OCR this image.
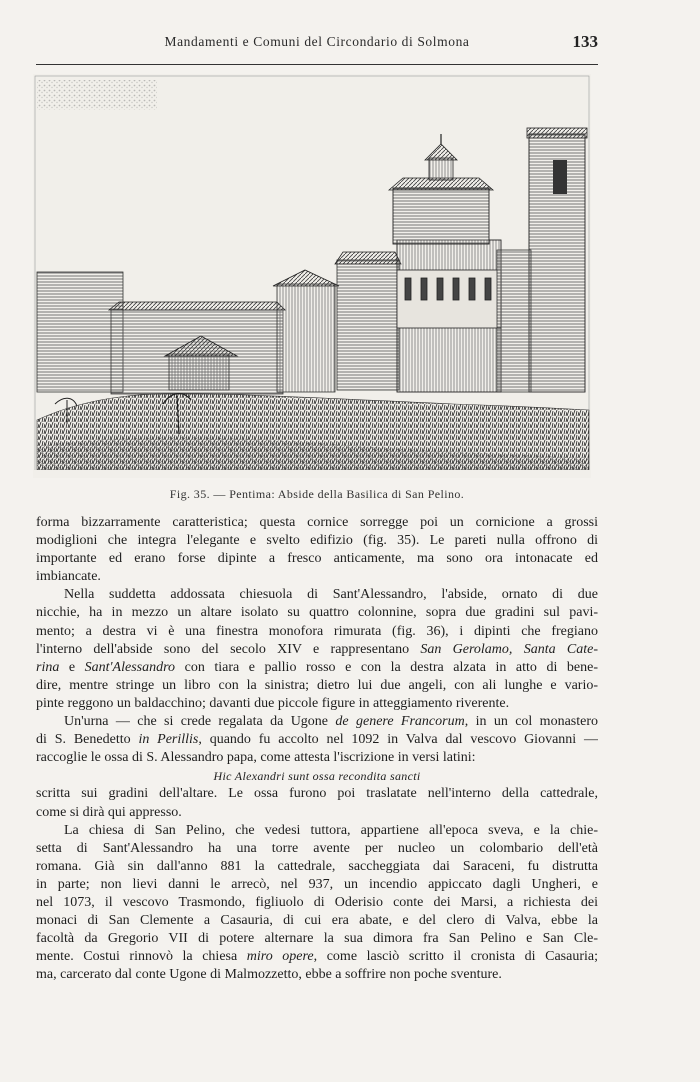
Mandamenti e Comuni del Circondario di Solmona	133
Fig. 35. — Pentima: Abside della Basilica di San Pelino.
forma bizzarramente caratteristica; questa cornice sorregge poi un cornicione a grossi
modiglioni che integra l'elegante e svelto edifizio (fig. 35). Le pareti nulla offrono di
importante ed erano forse dipinte a fresco anticamente, ma sono ora intonacate ed
imbiancate.
Nella suddetta addossata chiesuola di Sant'Alessandro, l'abside, ornato di due
nicchie, ha in mezzo un altare isolato su quattro colonnine, sopra due gradini sul pavi-
mento; a destra vi è una finestra monofora rimurata (fig. 36), i dipinti che fregiano
l'interno dell'abside sono del secolo XIV e rappresentano San Gerolamo, Santa Cate-
rina e Sant'Alessandro con tiara e pallio rosso e con la destra alzata in atto di bene-
dire, mentre stringe un libro con la sinistra; dietro lui due angeli, con ali lunghe e vario-
pinte reggono un baldacchino; davanti due piccole figure in atteggiamento riverente.
Un'urna — che si crede regalata da Ugone de genere Francorum, in un col monastero
di S. Benedetto in Perillis, quando fu accolto nel 1092 in Valva dal vescovo Giovanni —
raccoglie le ossa di S. Alessandro papa, come attesta l'iscrizione in versi latini:
Hic Alexandri sunt ossa recondita sancti
scritta sui gradini dell'altare. Le ossa furono poi traslatate nell'interno della cattedrale,
come si dirà qui appresso.
La chiesa di San Pelino, che vedesi tuttora, appartiene all'epoca sveva, e la chie-
setta di Sant'Alessandro ha una torre avente per nucleo un colombario dell'età
romana. Già sin dall'anno 881 la cattedrale, saccheggiata dai Saraceni, fu distrutta
in parte; non lievi danni le arrecò, nel 937, un incendio appiccato dagli Ungheri, e
nel 1073, il vescovo Trasmondo, figliuolo di Oderisio conte dei Marsi, a richiesta dei
monaci di San Clemente a Casauria, di cui era abate, e del clero di Valva, ebbe la
facoltà da Gregorio VII di potere alternare la sua dimora fra San Pelino e San Cle-
mente. Costui rinnovò la chiesa miro opere, come lasciò scritto il cronista di Casauria;
ma, carcerato dal conte Ugone di Malmozzetto, ebbe a soffrire non poche sventure.
